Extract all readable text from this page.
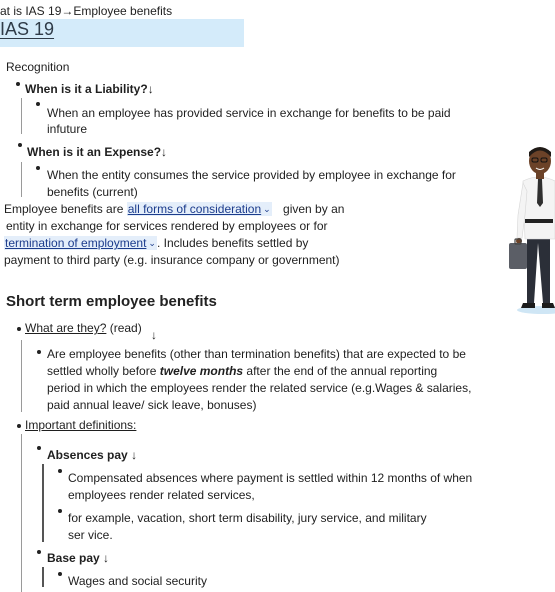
at is IAS 19→Employee benefits
IAS 19
Recognition
When is it a Liability?↓
When an employee has provided service in exchange for benefits to be paid
infuture
When is it an Expense?↓
When the entity consumes the service provided by employee in exchange for
benefits (current)
Employee benefits are all forms of consideration ⌄ given by an
entity in exchange for services rendered by employees or for
termination of employment ⌄. Includes benefits settled by
payment to third party (e.g. insurance company or government)
Short term employee benefits
What are they? (read) ↓
Are employee benefits (other than termination benefits) that are expected to be
settled wholly before twelve months after the end of the annual reporting
period in which the employees render the related service (e.g.Wages & salaries,
paid annual leave/ sick leave, bonuses)
Important definitions:
Absences pay ↓
Compensated absences where payment is settled within 12 months of when
employees render related services,
for example, vacation, short term disability, jury service, and military
ser vice.
Base pay ↓
Wages and social security
